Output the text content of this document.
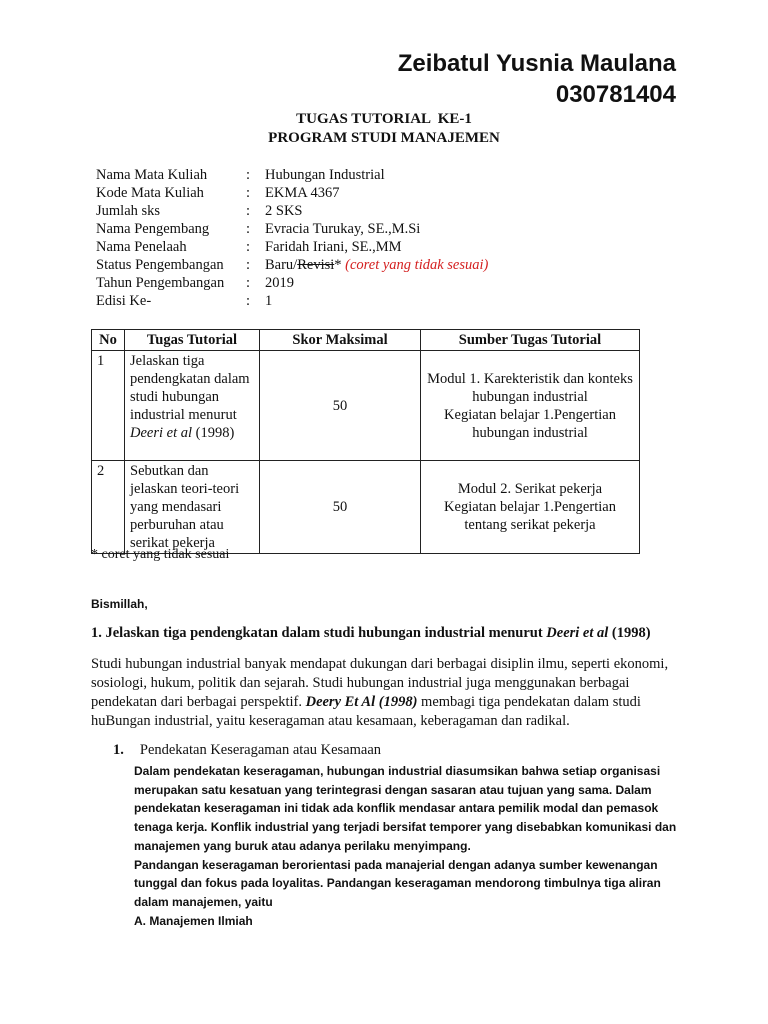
Zeibatul Yusnia Maulana
030781404
TUGAS TUTORIAL  KE-1
PROGRAM STUDI MANAJEMEN
Nama Mata Kuliah	:	Hubungan Industrial
Kode Mata Kuliah	:	EKMA 4367
Jumlah sks	:	2 SKS
Nama Pengembang	:	Evracia Turukay, SE.,M.Si
Nama Penelaah	:	Faridah Iriani, SE.,MM
Status Pengembangan	:	Baru/Revisi* (coret yang tidak sesuai)
Tahun Pengembangan	:	2019
Edisi Ke-	:	1
No	Tugas Tutorial	Skor Maksimal	Sumber Tugas Tutorial
1	Jelaskan tiga pendengkatan dalam studi hubungan industrial menurut Deeri et al (1998)	50	Modul 1. Karekteristik dan konteks hubungan industrial
Kegiatan belajar 1.Pengertian hubungan industrial

2	Sebutkan dan jelaskan teori-teori yang mendasari perburuhan atau serikat pekerja	50	Modul 2. Serikat pekerja
Kegiatan belajar 1.Pengertian tentang serikat pekerja
* coret yang tidak sesuai
Bismillah,
1. Jelaskan tiga pendengkatan dalam studi hubungan industrial menurut Deeri et al (1998)
Studi hubungan industrial banyak mendapat dukungan dari berbagai disiplin ilmu, seperti ekonomi, sosiologi, hukum, politik dan sejarah. Studi hubungan industrial juga menggunakan berbagai pendekatan dari berbagai perspektif. Deery Et Al (1998) membagi tiga pendekatan dalam studi huBungan industrial, yaitu keseragaman atau kesamaan, keberagaman dan radikal.
1. Pendekatan Keseragaman atau Kesamaan
Dalam pendekatan keseragaman, hubungan industrial diasumsikan bahwa setiap organisasi merupakan satu kesatuan yang terintegrasi dengan sasaran atau tujuan yang sama. Dalam pendekatan keseragaman ini tidak ada konflik mendasar antara pemilik modal dan pemasok tenaga kerja. Konflik industrial yang terjadi bersifat temporer yang disebabkan komunikasi dan manajemen yang buruk atau adanya perilaku menyimpang.
Pandangan keseragaman berorientasi pada manajerial dengan adanya sumber kewenangan tunggal dan fokus pada loyalitas. Pandangan keseragaman mendorong timbulnya tiga aliran dalam manajemen, yaitu
A. Manajemen Ilmiah
